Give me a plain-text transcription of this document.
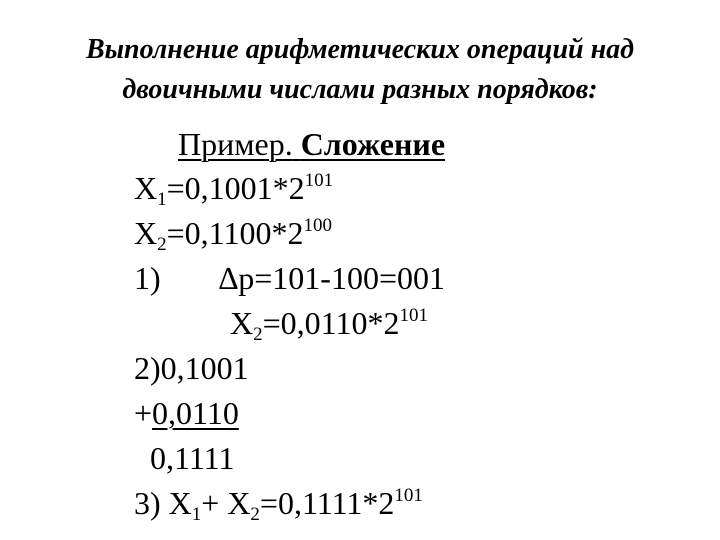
Выполнение арифметических операций над
двоичными числами разных порядков:
Пример. Сложение
$X_1=0,1001*2^{101}$
$X_2=0,1100*2^{100}$
1) ∆р=101-100=001
$X_2=0,0110*2^{101}$
2)0,1001
+0,0110
0,1111
3) $X_1+ X_2=0,1111*2^{101}$
